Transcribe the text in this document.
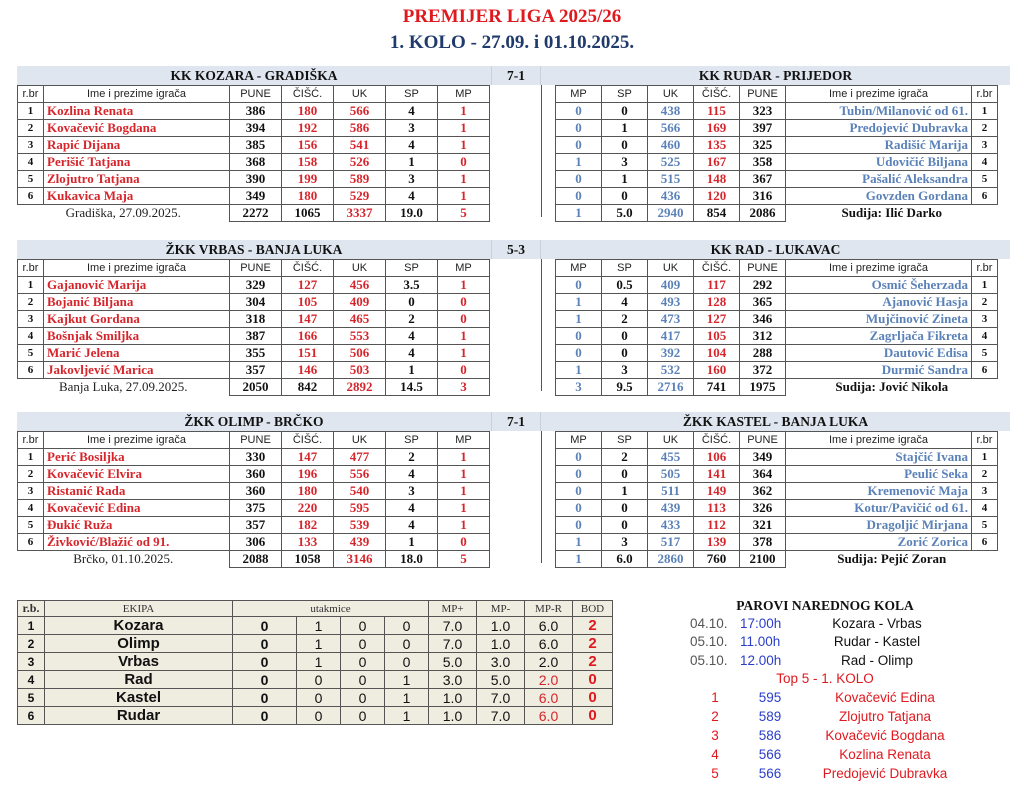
PREMIJER LIGA 2025/26
1. KOLO - 27.09. i 01.10.2025.
KK KOZARA - GRADIŠKA	7-1	KK RUDAR - PRIJEDOR
r.br	Ime i prezime igrača	PUNE	ČIŠĆ.	UK	SP	MP
1	Kozlina Renata	386	180	566	4	1
2	Kovačević Bogdana	394	192	586	3	1
3	Rapić Dijana	385	156	541	4	1
4	Perišić Tatjana	368	158	526	1	0
5	Zlojutro Tatjana	390	199	589	3	1
6	Kukavica Maja	349	180	529	4	1
Gradiška, 27.09.2025.		2272	1065	3337	19.0	5
MP	SP	UK	ČIŠĆ.	PUNE	Ime i prezime igrača	r.br
0	0	438	115	323	Tubin/Milanović od 61.	1
0	1	566	169	397	Predojević Dubravka	2
0	0	460	135	325	Radišić Marija	3
1	3	525	167	358	Udovičić Biljana	4
0	1	515	148	367	Pašalić Aleksandra	5
0	0	436	120	316	Govzden Gordana	6
1	5.0	2940	854	2086	Sudija: Ilić Darko	
ŽKK VRBAS - BANJA LUKA	5-3	KK RAD - LUKAVAC
r.br	Ime i prezime igrača	PUNE	ČIŠĆ.	UK	SP	MP
1	Gajanović Marija	329	127	456	3.5	1
2	Bojanić Biljana	304	105	409	0	0
3	Kajkut Gordana	318	147	465	2	0
4	Bošnjak Smiljka	387	166	553	4	1
5	Marić Jelena	355	151	506	4	1
6	Jakovljević Marica	357	146	503	1	0
Banja Luka, 27.09.2025.		2050	842	2892	14.5	3
MP	SP	UK	ČIŠĆ.	PUNE	Ime i prezime igrača	r.br
0	0.5	409	117	292	Osmić Šeherzada	1
1	4	493	128	365	Ajanović Hasja	2
1	2	473	127	346	Mujčinović Zineta	3
0	0	417	105	312	Zagrljača Fikreta	4
0	0	392	104	288	Dautović Edisa	5
1	3	532	160	372	Durmić Sandra	6
3	9.5	2716	741	1975	Sudija: Jović Nikola	
ŽKK OLIMP - BRČKO	7-1	ŽKK KASTEL - BANJA LUKA
r.br	Ime i prezime igrača	PUNE	ČIŠĆ.	UK	SP	MP
1	Perić Bosiljka	330	147	477	2	1
2	Kovačević Elvira	360	196	556	4	1
3	Ristanić Rada	360	180	540	3	1
4	Kovačević Edina	375	220	595	4	1
5	Đukić Ruža	357	182	539	4	1
6	Živković/Blažić od 91.	306	133	439	1	0
Brčko, 01.10.2025.		2088	1058	3146	18.0	5
MP	SP	UK	ČIŠĆ.	PUNE	Ime i prezime igrača	r.br
0	2	455	106	349	Stajčić Ivana	1
0	0	505	141	364	Peulić Seka	2
0	1	511	149	362	Kremenović Maja	3
0	0	439	113	326	Kotur/Pavičić od 61.	4
0	0	433	112	321	Dragoljić Mirjana	5
1	3	517	139	378	Zorić Zorica	6
1	6.0	2860	760	2100	Sudija: Pejić Zoran	
r.b.	EKIPA	utakmice				MP+	MP-	MP-R	BOD
1	Kozara	0	1	0	0	7.0	1.0	6.0	2
2	Olimp	0	1	0	0	7.0	1.0	6.0	2
3	Vrbas	0	1	0	0	5.0	3.0	2.0	2
4	Rad	0	0	0	1	3.0	5.0	2.0	0
5	Kastel	0	0	0	1	1.0	7.0	6.0	0
6	Rudar	0	0	0	1	1.0	7.0	6.0	0
PAROVI NAREDNOG KOLA
04.10. 17:00h	Kozara - Vrbas
05.10. 11.00h	Rudar - Kastel
05.10. 12.00h	Rad - Olimp
Top 5 - 1. KOLO
1	595	Kovačević Edina
2	589	Zlojutro Tatjana
3	586	Kovačević Bogdana
4	566	Kozlina Renata
5	566	Predojević Dubravka
